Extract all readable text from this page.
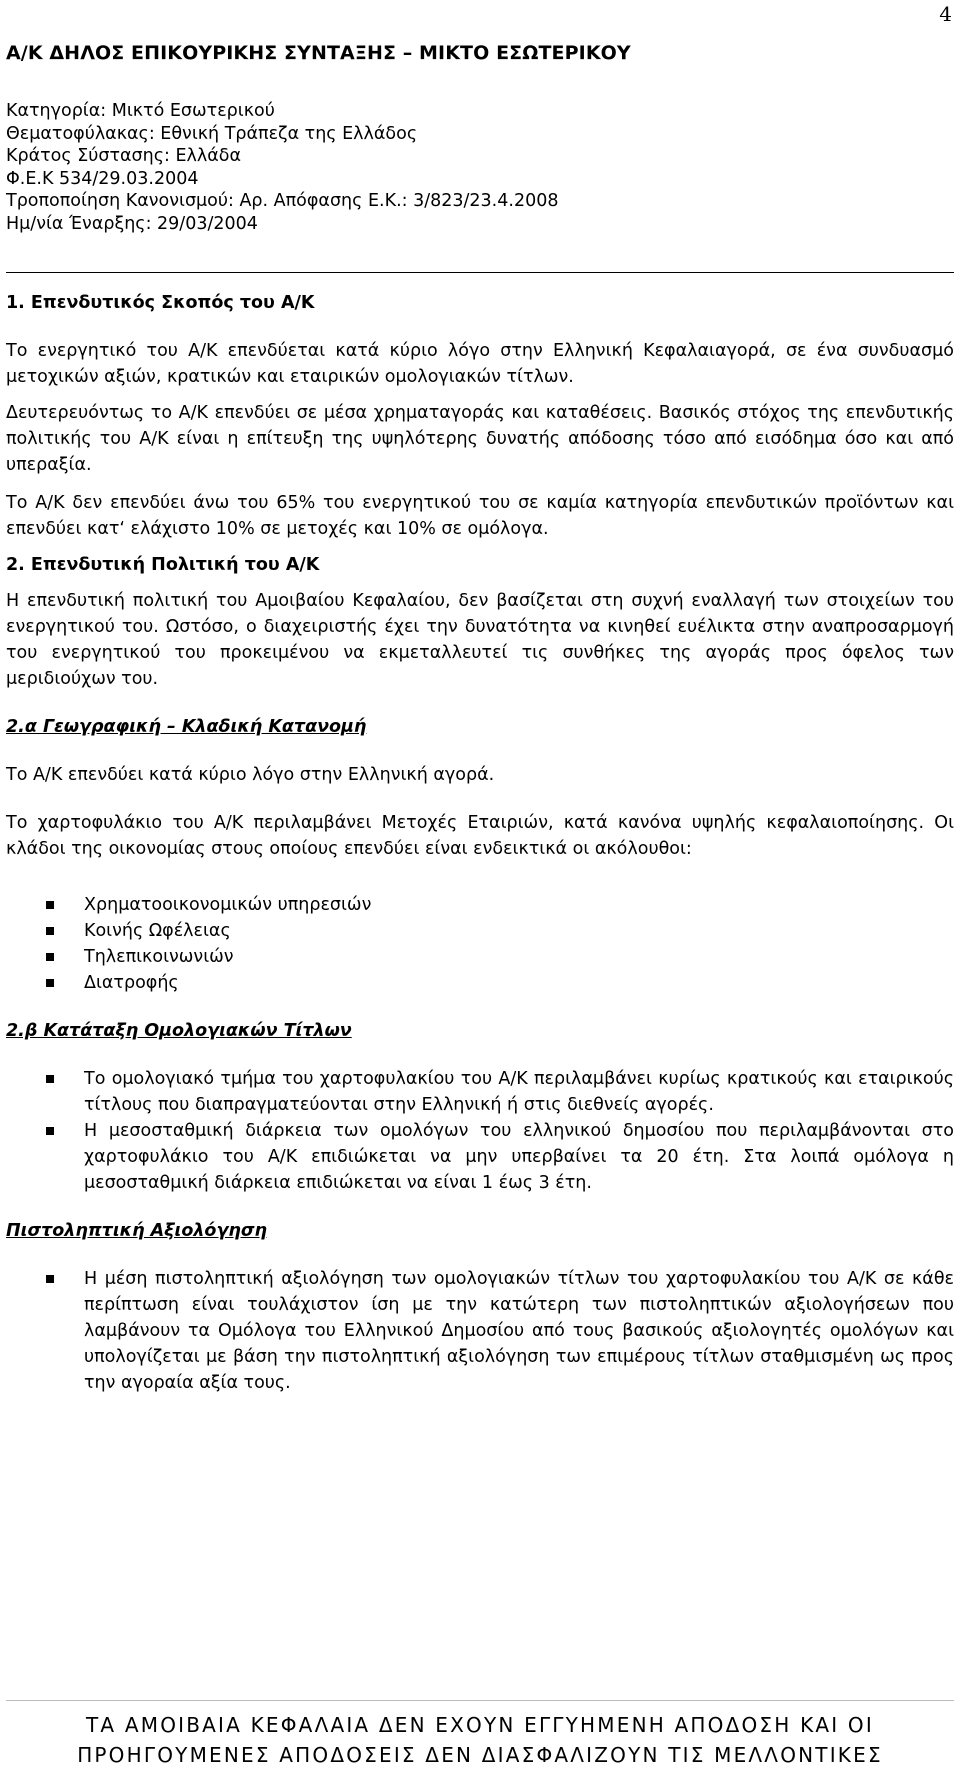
4
Α/Κ ΔΗΛΟΣ ΕΠΙΚΟΥΡΙΚΗΣ ΣΥΝΤΑΞΗΣ – ΜΙΚΤΟ ΕΣΩΤΕΡΙΚΟΥ
Κατηγορία: Μικτό Εσωτερικού
Θεματοφύλακας: Εθνική Τράπεζα της Ελλάδος
Κράτος Σύστασης: Ελλάδα
Φ.Ε.Κ 534/29.03.2004
Τροποποίηση Κανονισμού: Αρ. Απόφασης Ε.Κ.: 3/823/23.4.2008
Ημ/νία Έναρξης: 29/03/2004

1. Επενδυτικός Σκοπός του Α/Κ

Το ενεργητικό του Α/Κ επενδύεται κατά κύριο λόγο στην Ελληνική Κεφαλαιαγορά, σε ένα συνδυασμό μετοχικών αξιών, κρατικών και εταιρικών ομολογιακών τίτλων.

Δευτερευόντως το Α/Κ επενδύει σε μέσα χρηματαγοράς και καταθέσεις. Βασικός στόχος της επενδυτικής πολιτικής του Α/Κ είναι η επίτευξη της υψηλότερης δυνατής απόδοσης τόσο από εισόδημα όσο και από υπεραξία.

Το Α/Κ δεν επενδύει άνω του 65% του ενεργητικού του σε καμία κατηγορία επενδυτικών προϊόντων και επενδύει κατ‘ ελάχιστο 10% σε μετοχές και 10% σε ομόλογα.

2. Επενδυτική Πολιτική του Α/Κ

Η επενδυτική πολιτική του Αμοιβαίου Κεφαλαίου, δεν βασίζεται στη συχνή εναλλαγή των στοιχείων του ενεργητικού του. Ωστόσο, ο διαχειριστής έχει την δυνατότητα να κινηθεί ευέλικτα στην αναπροσαρμογή του ενεργητικού του προκειμένου να εκμεταλλευτεί τις συνθήκες της αγοράς προς όφελος των μεριδιούχων του.

2.α Γεωγραφική – Κλαδική Κατανομή

Το Α/Κ επενδύει κατά κύριο λόγο στην Ελληνική αγορά.

Το χαρτοφυλάκιο του Α/Κ περιλαμβάνει Μετοχές Εταιριών, κατά κανόνα υψηλής κεφαλαιοποίησης. Οι κλάδοι της οικονομίας στους οποίους επενδύει είναι ενδεικτικά οι ακόλουθοι:

Χρηματοοικονομικών υπηρεσιών
Κοινής Ωφέλειας
Τηλεπικοινωνιών
Διατροφής

2.β Κατάταξη Ομολογιακών Τίτλων

Το ομολογιακό τμήμα του χαρτοφυλακίου του Α/Κ περιλαμβάνει κυρίως κρατικούς και εταιρικούς τίτλους που διαπραγματεύονται στην Ελληνική ή στις διεθνείς αγορές.
Η μεσοσταθμική διάρκεια των ομολόγων του ελληνικού δημοσίου που περιλαμβάνονται στο χαρτοφυλάκιο του Α/Κ επιδιώκεται να μην υπερβαίνει τα 20 έτη. Στα λοιπά ομόλογα η μεσοσταθμική διάρκεια επιδιώκεται να είναι 1 έως 3 έτη.

Πιστοληπτική Αξιολόγηση

Η μέση πιστοληπτική αξιολόγηση των ομολογιακών τίτλων του χαρτοφυλακίου του Α/Κ σε κάθε περίπτωση είναι τουλάχιστον ίση με την κατώτερη των πιστοληπτικών αξιολογήσεων που λαμβάνουν τα Ομόλογα του Ελληνικού Δημοσίου από τους βασικούς αξιολογητές ομολόγων και υπολογίζεται με βάση την πιστοληπτική αξιολόγηση των επιμέρους τίτλων σταθμισμένη ως προς την αγοραία αξία τους.
ΤΑ ΑΜΟΙΒΑΙΑ ΚΕΦΑΛΑΙΑ ΔΕΝ ΕΧΟΥΝ ΕΓΓΥΗΜΕΝΗ ΑΠΟΔΟΣΗ ΚΑΙ ΟΙ
ΠΡΟΗΓΟΥΜΕΝΕΣ ΑΠΟΔΟΣΕΙΣ ΔΕΝ ΔΙΑΣΦΑΛΙΖΟΥΝ ΤΙΣ ΜΕΛΛΟΝΤΙΚΕΣ
